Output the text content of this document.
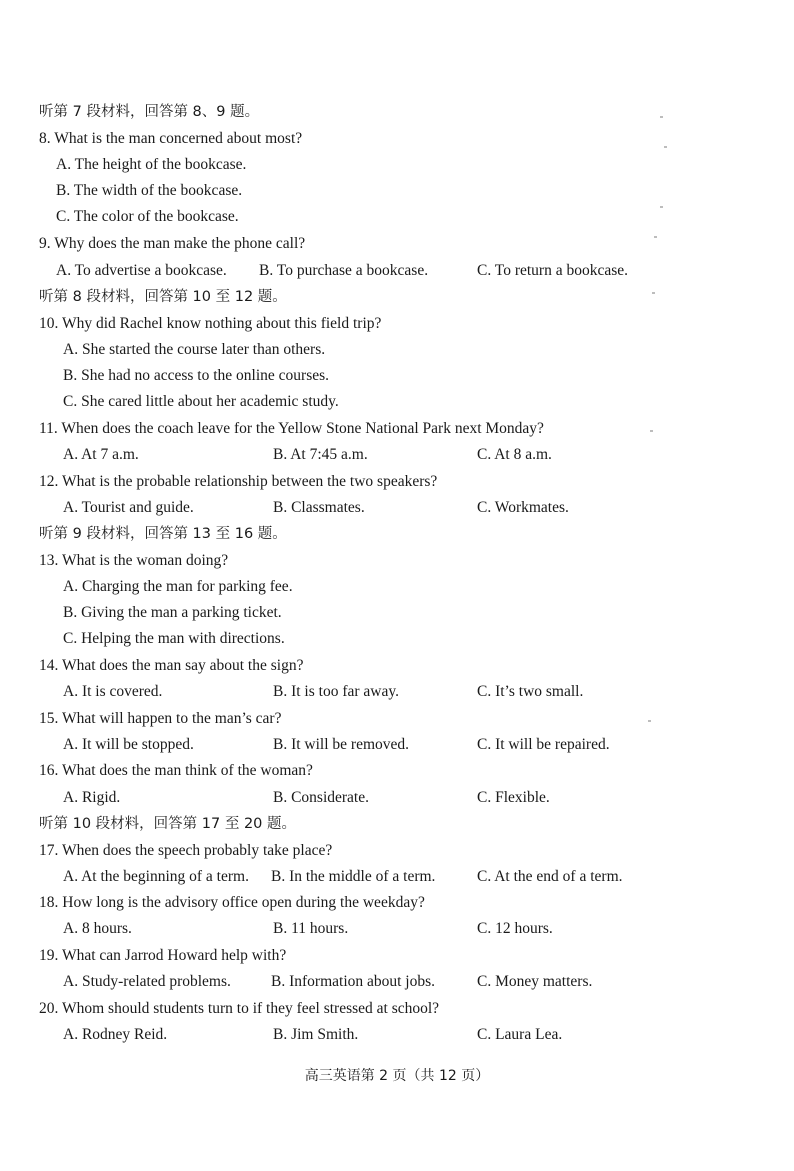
听第 7 段材料，回答第 8、9 题。
8. What is the man concerned about most?
A. The height of the bookcase.
B. The width of the bookcase.
C. The color of the bookcase.
9. Why does the man make the phone call?
A. To advertise a bookcase. B. To purchase a bookcase.	C. To return a bookcase.
听第 8 段材料，回答第 10 至 12 题。
10. Why did Rachel know nothing about this field trip?
A. She started the course later than others.
B. She had no access to the online courses.
C. She cared little about her academic study.
11. When does the coach leave for the Yellow Stone National Park next Monday?
A. At 7 a.m.	B. At 7:45 a.m.	C. At 8 a.m.
12. What is the probable relationship between the two speakers?
A. Tourist and guide.	B. Classmates.	C. Workmates.
听第 9 段材料，回答第 13 至 16 题。
13. What is the woman doing?
A. Charging the man for parking fee.
B. Giving the man a parking ticket.
C. Helping the man with directions.
14. What does the man say about the sign?
A. It is covered.	B. It is too far away.	C. It’s two small.
15. What will happen to the man’s car?
A. It will be stopped.	B. It will be removed.	C. It will be repaired.
16. What does the man think of the woman?
A. Rigid.	B. Considerate.	C. Flexible.
听第 10 段材料，回答第 17 至 20 题。
17. When does the speech probably take place?
A. At the beginning of a term. B. In the middle of a term.	C. At the end of a term.
18. How long is the advisory office open during the weekday?
A. 8 hours.	B. 11 hours.	C. 12 hours.
19. What can Jarrod Howard help with?
A. Study-related problems.	B. Information about jobs.	C. Money matters.
20. Whom should students turn to if they feel stressed at school?
A. Rodney Reid.	B. Jim Smith.	C. Laura Lea.
高三英语第 2 页（共 12 页）
